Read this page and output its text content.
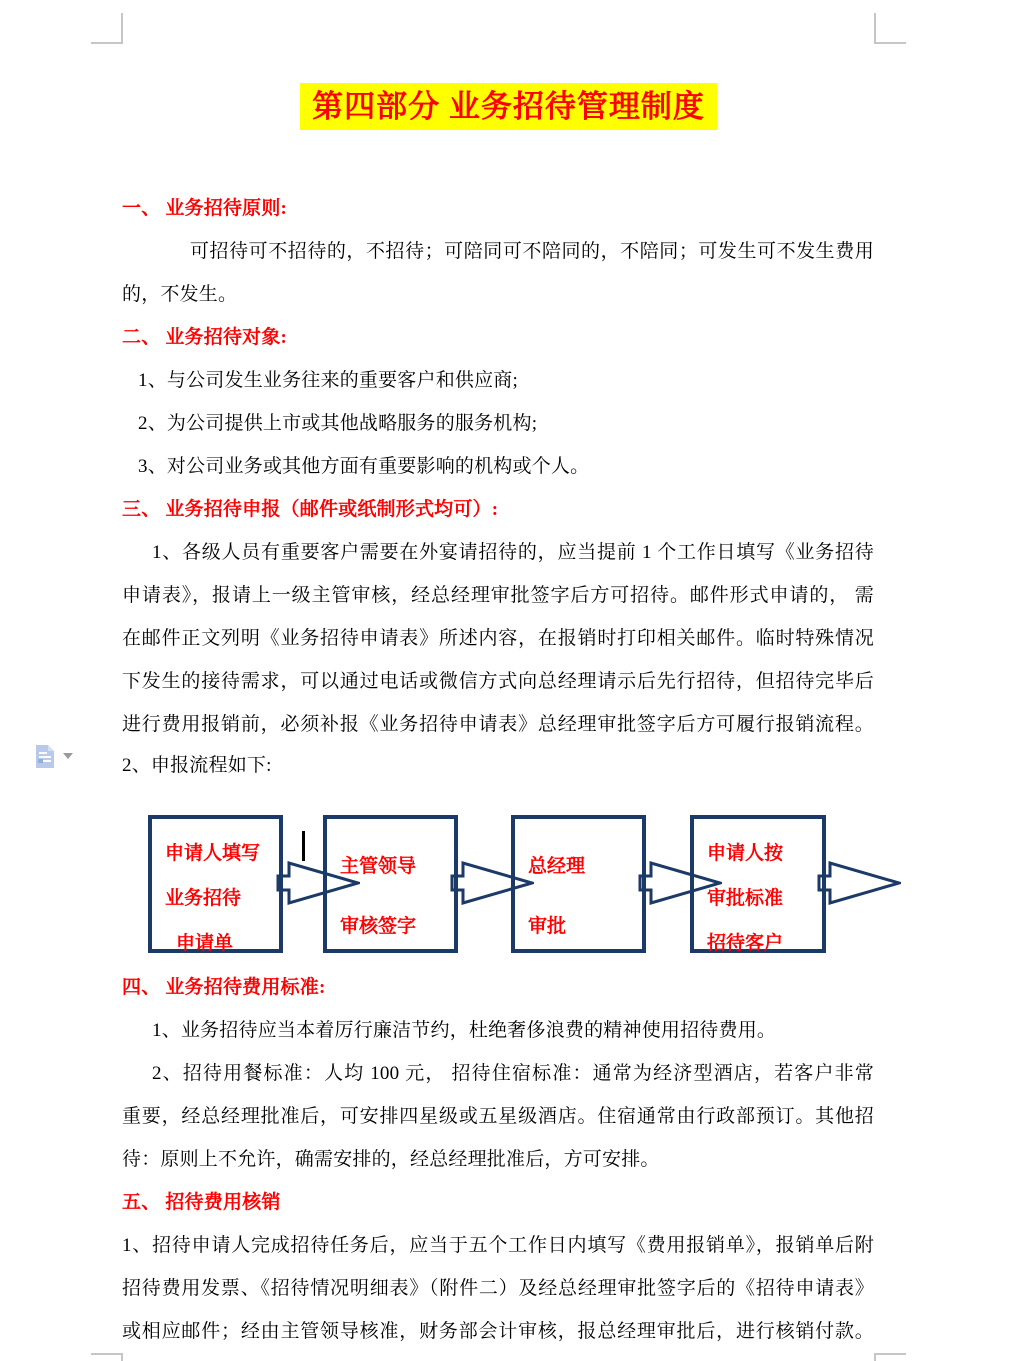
第四部分 业务招待管理制度
一、 业务招待原则:
可招待可不招待的，不招待；可陪同可不陪同的，不陪同；可发生可不发生费用
的，不发生。
二、 业务招待对象:
1、与公司发生业务往来的重要客户和供应商;
2、为公司提供上市或其他战略服务的服务机构;
3、对公司业务或其他方面有重要影响的机构或个人。
三、 业务招待申报（邮件或纸制形式均可）:
1、各级人员有重要客户需要在外宴请招待的，应当提前 1 个工作日填写《业务招待
申请表》，报请上一级主管审核，经总经理审批签字后方可招待。邮件形式申请的， 需
在邮件正文列明《业务招待申请表》所述内容，在报销时打印相关邮件。临时特殊情况
下发生的接待需求，可以通过电话或微信方式向总经理请示后先行招待，但招待完毕后
进行费用报销前，必须补报《业务招待申请表》总经理审批签字后方可履行报销流程。
2、申报流程如下:
四、 业务招待费用标准:
1、业务招待应当本着厉行廉洁节约，杜绝奢侈浪费的精神使用招待费用。
2、招待用餐标准：人均 100 元， 招待住宿标准：通常为经济型酒店，若客户非常
重要，经总经理批准后，可安排四星级或五星级酒店。住宿通常由行政部预订。其他招
待：原则上不允许，确需安排的，经总经理批准后，方可安排。
五、 招待费用核销
1、招待申请人完成招待任务后，应当于五个工作日内填写《费用报销单》，报销单后附
招待费用发票、《招待情况明细表》（附件二）及经总经理审批签字后的《招待申请表》
或相应邮件；经由主管领导核准，财务部会计审核，报总经理审批后，进行核销付款。
申请人填写
业务招待
申请单
主管领导
审核签字
总经理
审批
申请人按
审批标准
招待客户
